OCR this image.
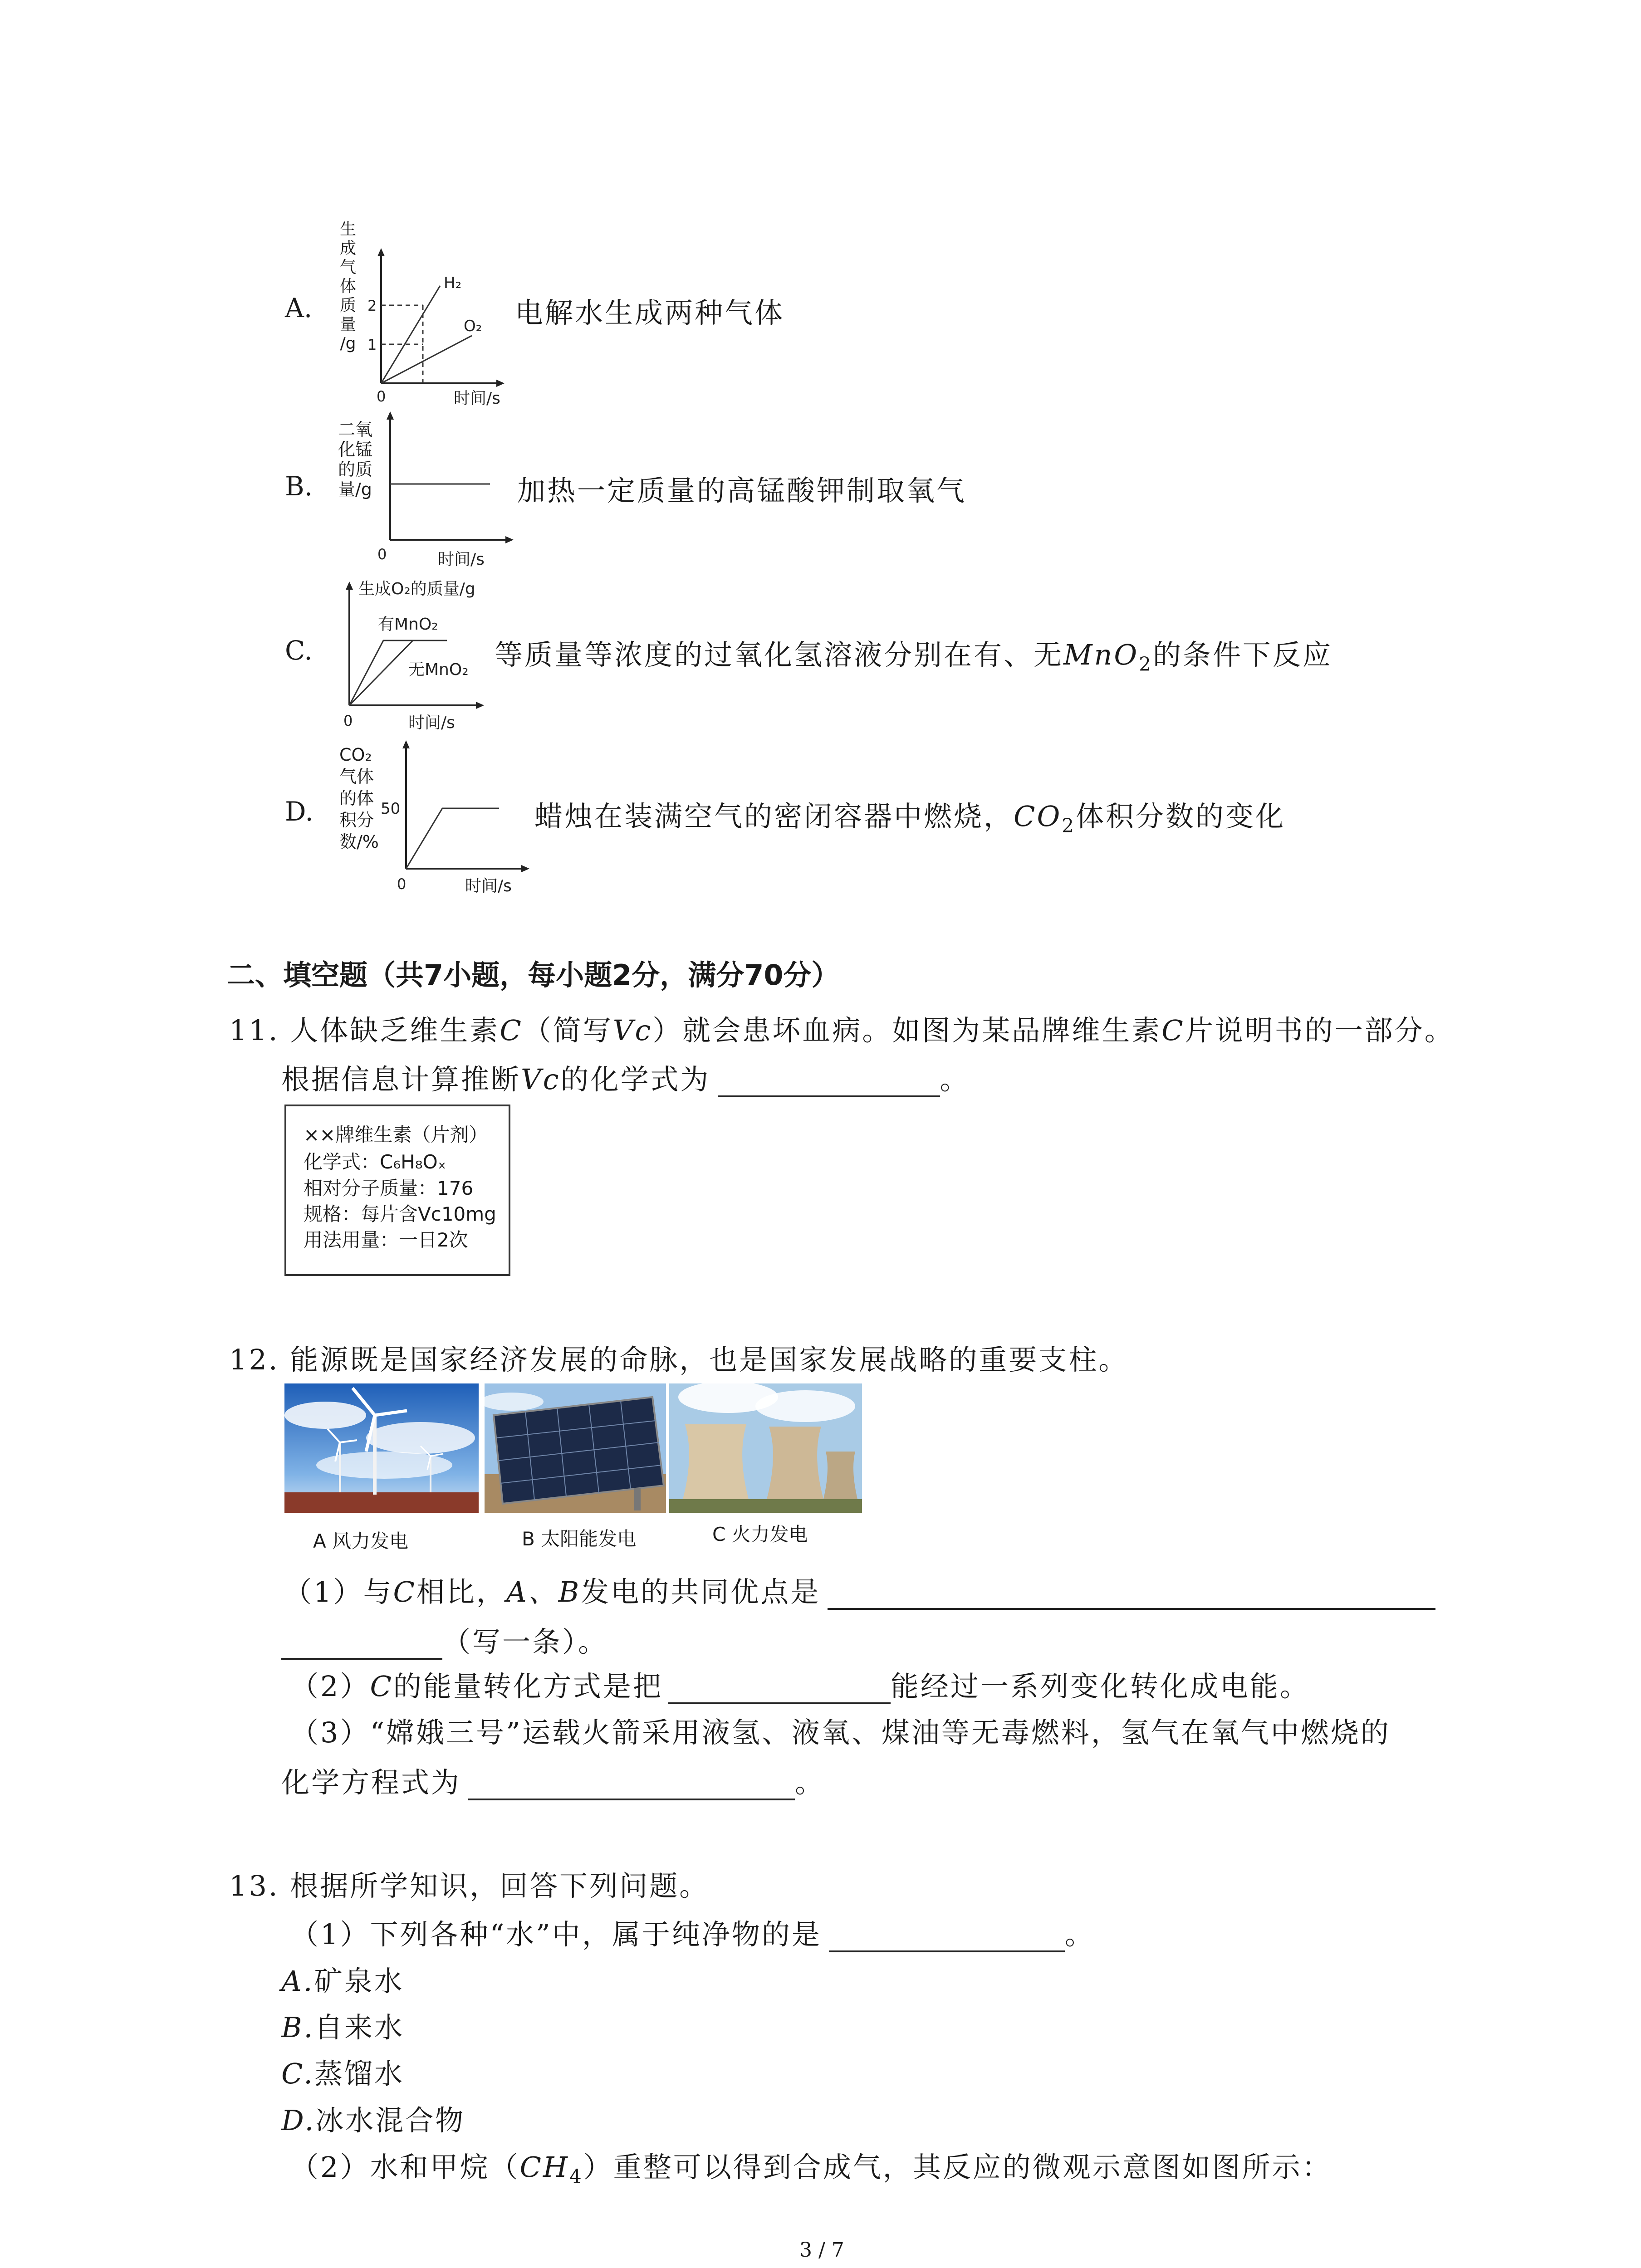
A.
生
成
气
体
质
量
/g
2
1
0
H₂
O₂
时间/s
电解水生成两种气体
B.
二氧
化锰
的质
量/g
0	时间/s
加热一定质量的高锰酸钾制取氧气
C.
生成O₂的质量/g
有MnO₂
无MnO₂
0	时间/s
等质量等浓度的过氧化氢溶液分别在有、无MnO$_2$的条件下反应
D.
CO₂
气体
的体
积分
数/%
50
0	时间/s
蜡烛在装满空气的密闭容器中燃烧，$CO_2$体积分数的变化
二、填空题（共7小题，每小题2分，满分70分）
11. 人体缺乏维生素C（简写Vc）就会患坏血病。如图为某品牌维生素C片说明书的一部分。
根据信息计算推断Vc的化学式为	。
××牌维生素（片剂）
化学式：C₆H₈Oₓ
相对分子质量：176
规格：每片含Vc10mg
用法用量：一日2次
12. 能源既是国家经济发展的命脉，也是国家发展战略的重要支柱。
A 风力发电	B 太阳能发电	C 火力发电
（1）与C相比，A、B发电的共同优点是
（写一条）。
（2）C的能量转化方式是把	能经过一系列变化转化成电能。
（3）“嫦娥三号”运载火箭采用液氢、液氧、煤油等无毒燃料，氢气在氧气中燃烧的
化学方程式为	。
13. 根据所学知识，回答下列问题。
（1）下列各种“水”中，属于纯净物的是	。
A.矿泉水
B.自来水
C.蒸馏水
D.冰水混合物
（2）水和甲烷$(CH_4)$重整可以得到合成气，其反应的微观示意图如图所示：
3 / 7
